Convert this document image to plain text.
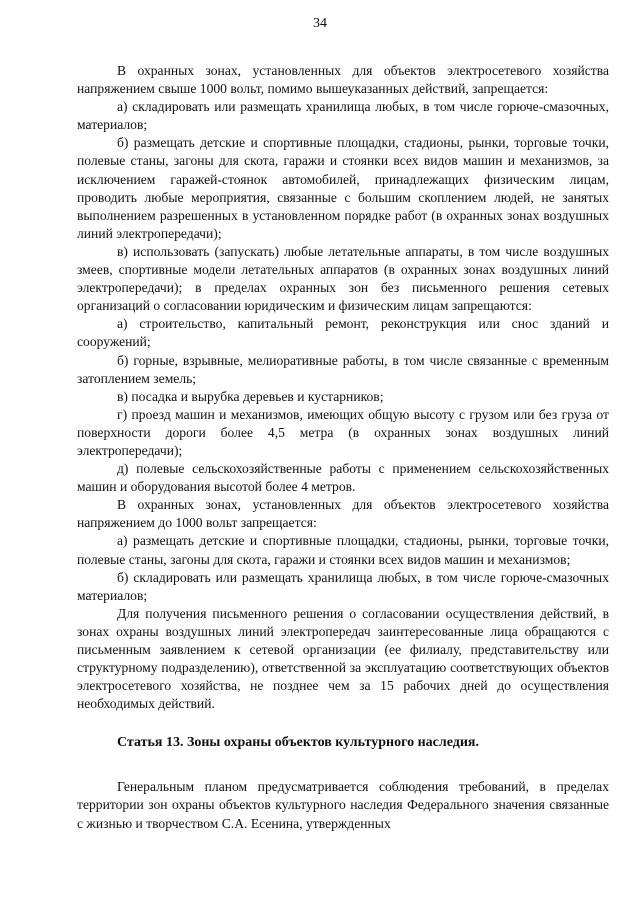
34

В охранных зонах, установленных для объектов электросетевого хозяйства напряжением свыше 1000 вольт, помимо вышеуказанных действий, запрещается:

а) складировать или размещать хранилища любых, в том числе горюче-смазочных, материалов;

б) размещать детские и спортивные площадки, стадионы, рынки, торговые точки, полевые станы, загоны для скота, гаражи и стоянки всех видов машин и механизмов, за исключением гаражей-стоянок автомобилей, принадлежащих физическим лицам, проводить любые мероприятия, связанные с большим скоплением людей, не занятых выполнением разрешенных в установленном порядке работ (в охранных зонах воздушных линий электропередачи);

в) использовать (запускать) любые летательные аппараты, в том числе воздушных змеев, спортивные модели летательных аппаратов (в охранных зонах воздушных линий электропередачи); в пределах охранных зон без письменного решения сетевых организаций о согласовании юридическим и физическим лицам запрещаются:

а) строительство, капитальный ремонт, реконструкция или снос зданий и сооружений;

б) горные, взрывные, мелиоративные работы, в том числе связанные с временным затоплением земель;

в) посадка и вырубка деревьев и кустарников;

г) проезд машин и механизмов, имеющих общую высоту с грузом или без груза от поверхности дороги более 4,5 метра (в охранных зонах воздушных линий электропередачи);

д) полевые сельскохозяйственные работы с применением сельскохозяйственных машин и оборудования высотой более 4 метров.

В охранных зонах, установленных для объектов электросетевого хозяйства напряжением до 1000 вольт запрещается:

а) размещать детские и спортивные площадки, стадионы, рынки, торговые точки, полевые станы, загоны для скота, гаражи и стоянки всех видов машин и механизмов;

б) складировать или размещать хранилища любых, в том числе горюче-смазочных материалов;

Для получения письменного решения о согласовании осуществления действий, в зонах охраны воздушных линий электропередач заинтересованные лица обращаются с письменным заявлением к сетевой организации (ее филиалу, представительству или структурному подразделению), ответственной за эксплуатацию соответствующих объектов электросетевого хозяйства, не позднее чем за 15 рабочих дней до осуществления необходимых действий.

Статья 13. Зоны охраны объектов культурного наследия.

Генеральным планом предусматривается соблюдения требований, в пределах территории зон охраны объектов культурного наследия Федерального значения связанные с жизнью и творчеством С.А. Есенина, утвержденных
